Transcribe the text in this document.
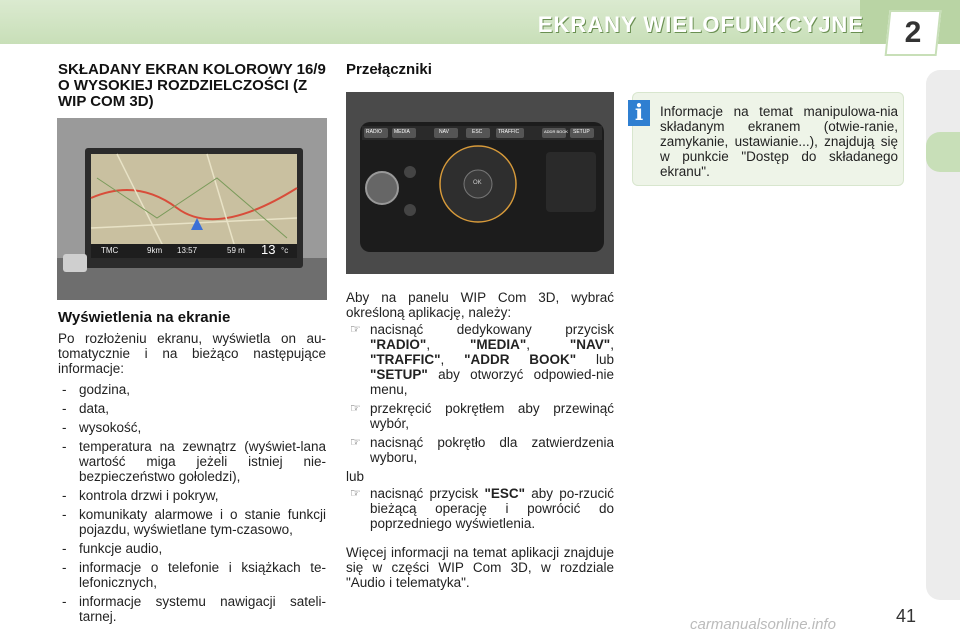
EKRANY WIELOFUNKCYJNE	2
SKŁADANY EKRAN KOLOROWY 16/9 O WYSOKIEJ ROZDZIELCZOŚCI (Z WIP COM 3D)
TMC	9km 13:57	59 m 13 °c
Wyświetlenia na ekranie
Po rozłożeniu ekranu, wyświetla on au-tomatycznie i na bieżąco następujące informacje:
- godzina,
- data,
- wysokość,
- temperatura na zewnątrz (wyświet-lana wartość miga jeżeli istniej nie-bezpieczeństwo gołoledzi),
- kontrola drzwi i pokryw,
- komunikaty alarmowe i o stanie funkcji pojazdu, wyświetlane tym-czasowo,
- funkcje audio,
- informacje o telefonie i książkach te-lefonicznych,
- informacje systemu nawigacji sateli-tarnej.
Przełączniki
RADIO MEDIA	NAV	ESC	TRAFFIC	ADDR BOOK SETUP
OK
Aby na panelu WIP Com 3D, wybrać określoną aplikację, należy:
☞ nacisnąć dedykowany przycisk "RADIO", "MEDIA", "NAV", "TRAFFIC", "ADDR BOOK" lub "SETUP" aby otworzyć odpowied-nie menu,
☞ przekręcić pokrętłem aby przewinąć wybór,
☞ nacisnąć pokrętło dla zatwierdzenia wyboru,
lub
☞ nacisnąć przycisk "ESC" aby po-rzucić bieżącą operację i powrócić do poprzedniego wyświetlenia.
Więcej informacji na temat aplikacji znajduje się w części WIP Com 3D, w rozdziale "Audio i telematyka".
i	Informacje na temat manipulowa-nia składanym ekranem (otwie-ranie, zamykanie, ustawianie...), znajdują się w punkcie "Dostęp do składanego ekranu".
41
carmanualsonline.info
